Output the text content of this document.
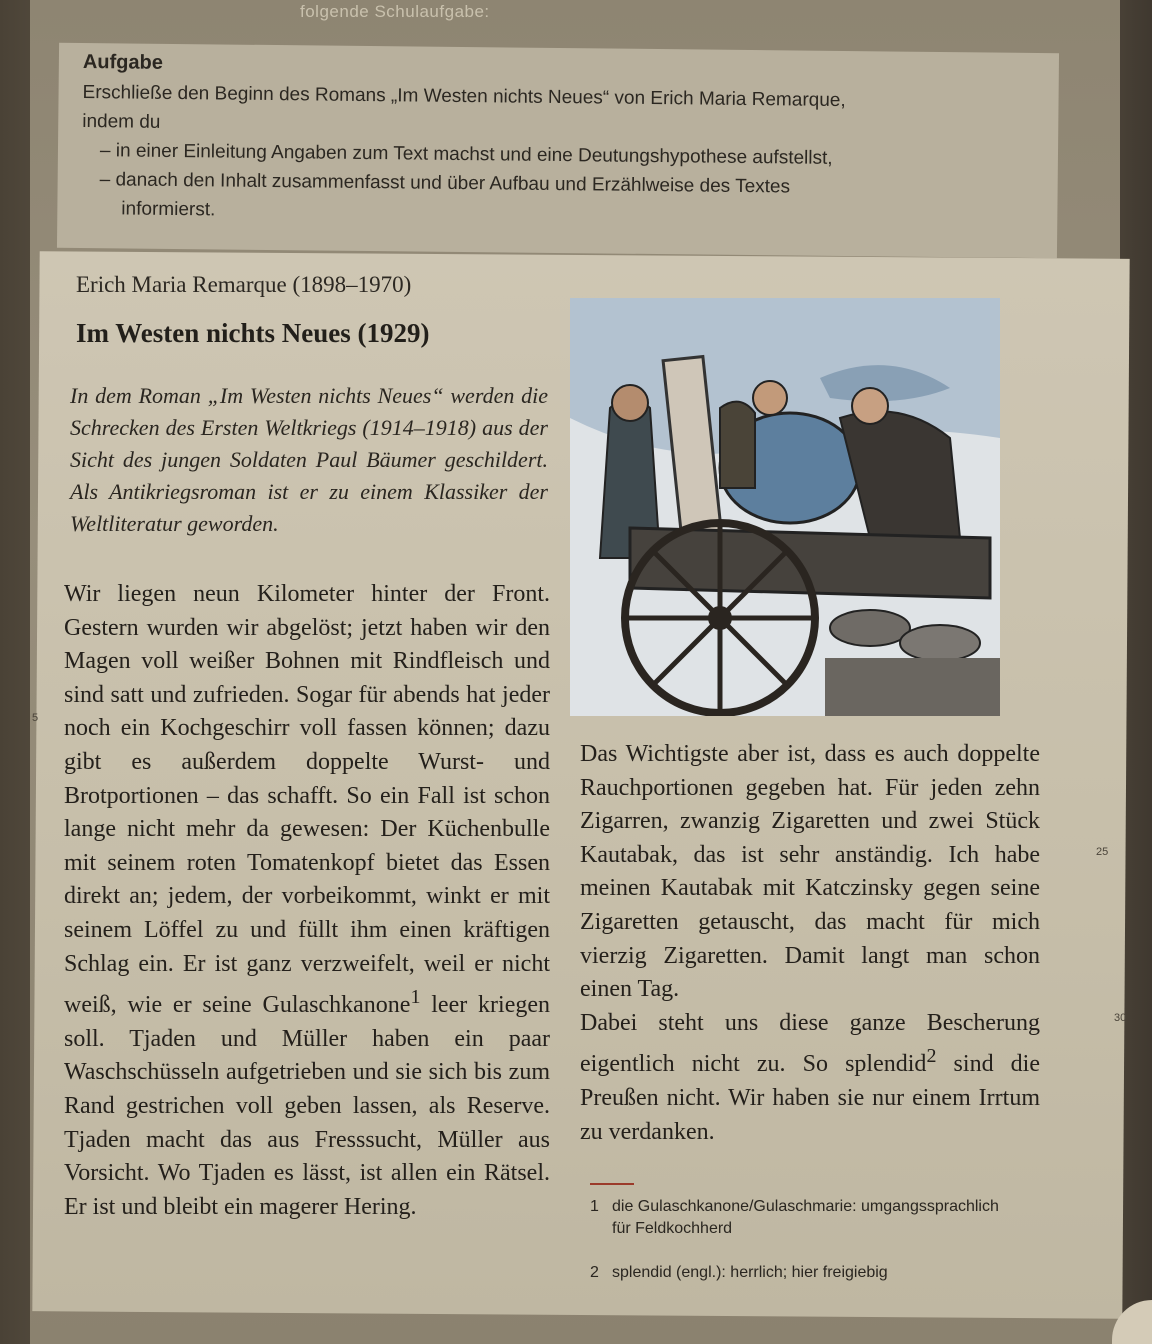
folgende Schulaufgabe:

Aufgabe

Erschließe den Beginn des Romans „Im Westen nichts Neues“ von Erich Maria Remarque,

indem du

– in einer Einleitung Angaben zum Text machst und eine Deutungshypothese aufstellst,

– danach den Inhalt zusammenfasst und über Aufbau und Erzählweise des Textes

informierst.

Erich Maria Remarque (1898–1970)
Im Westen nichts Neues (1929)
In dem Roman „Im Westen nichts Neues“ werden die Schrecken des Ersten Weltkriegs (1914–1918) aus der Sicht des jungen Soldaten Paul Bäumer geschildert. Als Antikriegsroman ist er zu einem Klassiker der Weltliteratur geworden.

Wir liegen neun Kilometer hinter der Front. Gestern wurden wir abgelöst; jetzt haben wir den Magen voll weißer Bohnen mit Rindfleisch und sind satt und zufrieden. Sogar für abends hat jeder noch ein Kochgeschirr voll fassen können; dazu gibt es außerdem doppelte Wurst- und Brotportionen – das schafft. So ein Fall ist schon lange nicht mehr da gewesen: Der Küchenbulle mit seinem roten Tomatenkopf bietet das Essen direkt an; jedem, der vorbeikommt, winkt er mit seinem Löffel zu und füllt ihm einen kräftigen Schlag ein. Er ist ganz verzweifelt, weil er nicht weiß, wie er seine Gulaschkanone$^1$ leer kriegen soll. Tjaden und Müller haben ein paar Waschschüsseln aufgetrieben und sie sich bis zum Rand gestrichen voll geben lassen, als Reserve. Tjaden macht das aus Fresssucht, Müller aus Vorsicht. Wo Tjaden es lässt, ist allen ein Rätsel. Er ist und bleibt ein magerer Hering.

Das Wichtigste aber ist, dass es auch doppelte Rauchportionen gegeben hat. Für jeden zehn Zigarren, zwanzig Zigaretten und zwei Stück Kautabak, das ist sehr anständig. Ich habe meinen Kautabak mit Katczinsky gegen seine Zigaretten getauscht, das macht für mich vierzig Zigaretten. Damit langt man schon einen Tag.

Dabei steht uns diese ganze Bescherung eigentlich nicht zu. So splendid$^2$ sind die Preußen nicht. Wir haben sie nur einem Irrtum zu verdanken.

5
25
30
1 die Gulaschkanone/Gulaschmarie: umgangssprachlich
für Feldkochherd
2 splendid (engl.): herrlich; hier freigiebig
